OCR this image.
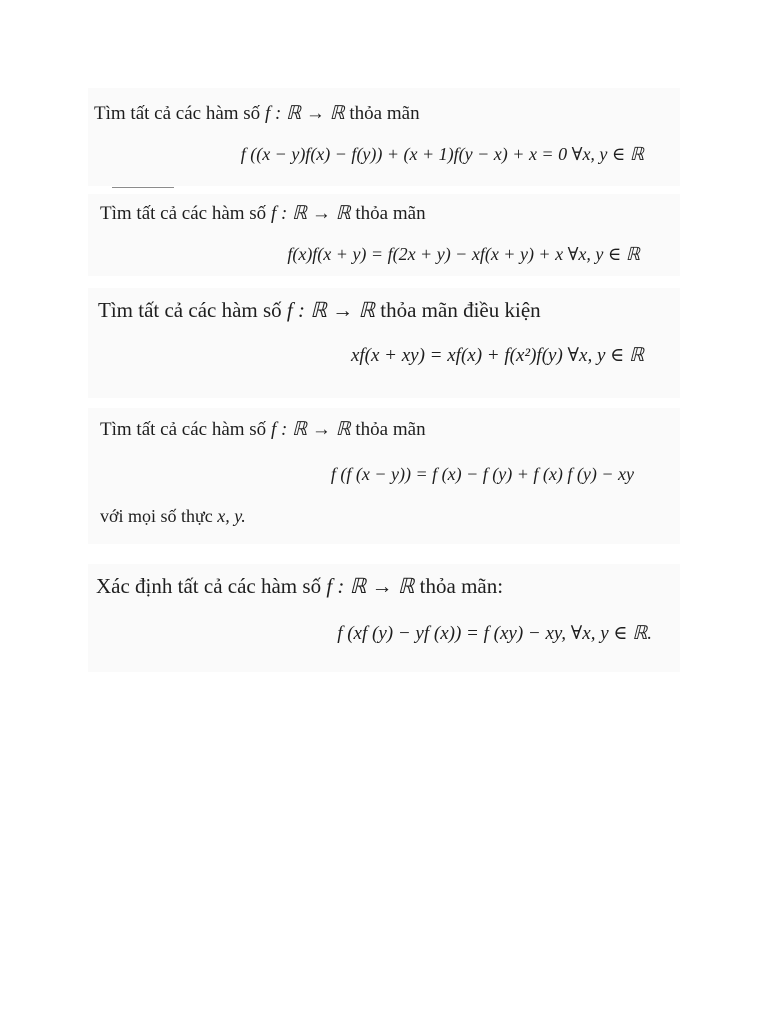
Tìm tất cả các hàm số f : ℝ → ℝ thỏa mãn
f ((x − y)f(x) − f(y)) + (x + 1)f(y − x) + x = 0 ∀x, y ∈ ℝ
Tìm tất cả các hàm số f : ℝ → ℝ thỏa mãn
f(x)f(x + y) = f(2x + y) − xf(x + y) + x ∀x, y ∈ ℝ
Tìm tất cả các hàm số f : ℝ → ℝ thỏa mãn điều kiện
xf(x + xy) = xf(x) + f(x²)f(y) ∀x, y ∈ ℝ
Tìm tất cả các hàm số f : ℝ → ℝ thỏa mãn
f (f (x − y)) = f (x) − f (y) + f (x) f (y) − xy
với mọi số thực x, y.
Xác định tất cả các hàm số f : ℝ → ℝ thỏa mãn:
f (xf (y) − yf (x)) = f (xy) − xy, ∀x, y ∈ ℝ.
